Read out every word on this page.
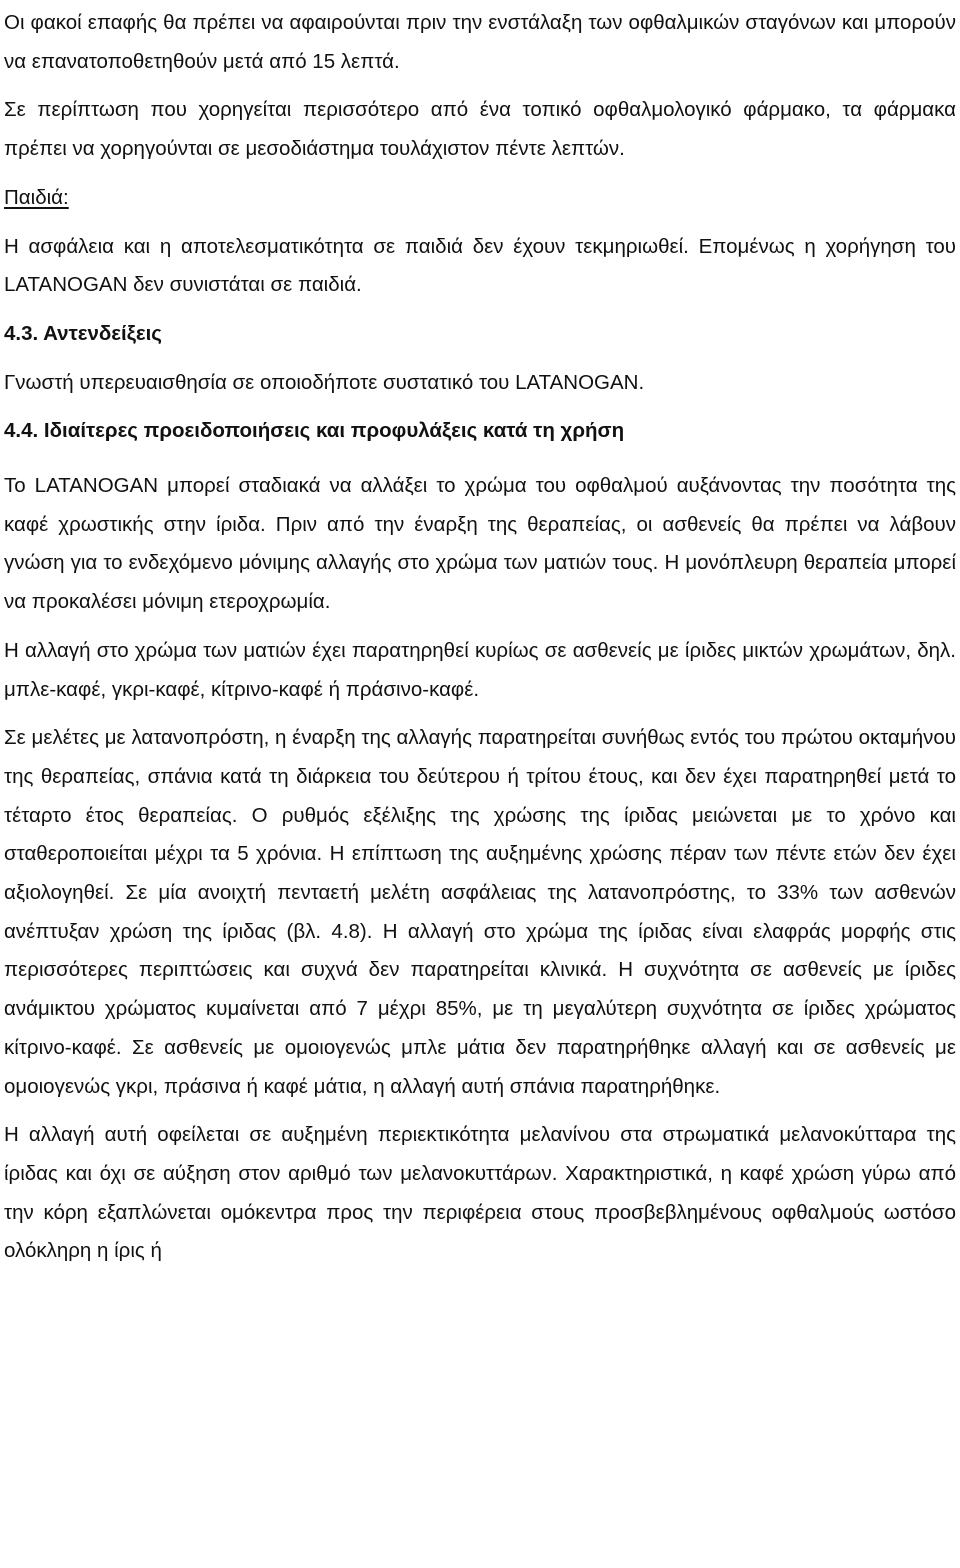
Οι φακοί επαφής θα πρέπει να αφαιρούνται πριν την ενστάλαξη των οφθαλμικών σταγόνων και μπορούν να επανατοποθετηθούν μετά από 15 λεπτά.

Σε περίπτωση που χορηγείται περισσότερο από ένα τοπικό οφθαλμολογικό φάρμακο, τα φάρμακα πρέπει να χορηγούνται σε μεσοδιάστημα τουλάχιστον πέντε λεπτών.

Παιδιά:

Η ασφάλεια και η αποτελεσματικότητα σε παιδιά δεν έχουν τεκμηριωθεί. Επομένως η χορήγηση του LATANOGAN δεν συνιστάται σε παιδιά.

4.3. Αντενδείξεις

Γνωστή υπερευαισθησία σε οποιοδήποτε συστατικό του LATANOGAN.

4.4. Ιδιαίτερες προειδοποιήσεις και προφυλάξεις κατά τη χρήση

Το LATANOGAN μπορεί σταδιακά να αλλάξει το χρώμα του οφθαλμού αυξάνοντας την ποσότητα της καφέ χρωστικής στην ίριδα. Πριν από την έναρξη της θεραπείας, οι ασθενείς θα πρέπει να λάβουν γνώση για το ενδεχόμενο μόνιμης αλλαγής στο χρώμα των ματιών τους. Η μονόπλευρη θεραπεία μπορεί να προκαλέσει μόνιμη ετεροχρωμία.

Η αλλαγή στο χρώμα των ματιών έχει παρατηρηθεί κυρίως σε ασθενείς με ίριδες μικτών χρωμάτων, δηλ. μπλε-καφέ, γκρι-καφέ, κίτρινο-καφέ ή πράσινο-καφέ.

Σε μελέτες με λατανοπρόστη, η έναρξη της αλλαγής παρατηρείται συνήθως εντός του πρώτου οκταμήνου της θεραπείας, σπάνια κατά τη διάρκεια του δεύτερου ή τρίτου έτους, και δεν έχει παρατηρηθεί μετά το τέταρτο έτος θεραπείας. Ο ρυθμός εξέλιξης της χρώσης της ίριδας μειώνεται με το χρόνο και σταθεροποιείται μέχρι τα 5 χρόνια. Η επίπτωση της αυξημένης χρώσης πέραν των πέντε ετών δεν έχει αξιολογηθεί. Σε μία ανοιχτή πενταετή μελέτη ασφάλειας της λατανοπρόστης, το 33% των ασθενών ανέπτυξαν χρώση της ίριδας (βλ. 4.8). Η αλλαγή στο χρώμα της ίριδας είναι ελαφράς μορφής στις περισσότερες περιπτώσεις και συχνά δεν παρατηρείται κλινικά. Η συχνότητα σε ασθενείς με ίριδες ανάμικτου χρώματος κυμαίνεται από 7 μέχρι 85%, με τη μεγαλύτερη συχνότητα σε ίριδες χρώματος κίτρινο-καφέ. Σε ασθενείς με ομοιογενώς μπλε μάτια δεν παρατηρήθηκε αλλαγή και σε ασθενείς με ομοιογενώς γκρι, πράσινα ή καφέ μάτια, η αλλαγή αυτή σπάνια παρατηρήθηκε.

Η αλλαγή αυτή οφείλεται σε αυξημένη περιεκτικότητα μελανίνου στα στρωματικά μελανοκύτταρα της ίριδας και όχι σε αύξηση στον αριθμό των μελανοκυττάρων. Χαρακτηριστικά, η καφέ χρώση γύρω από την κόρη εξαπλώνεται ομόκεντρα προς την περιφέρεια στους προσβεβλημένους οφθαλμούς ωστόσο ολόκληρη η ίρις ή
